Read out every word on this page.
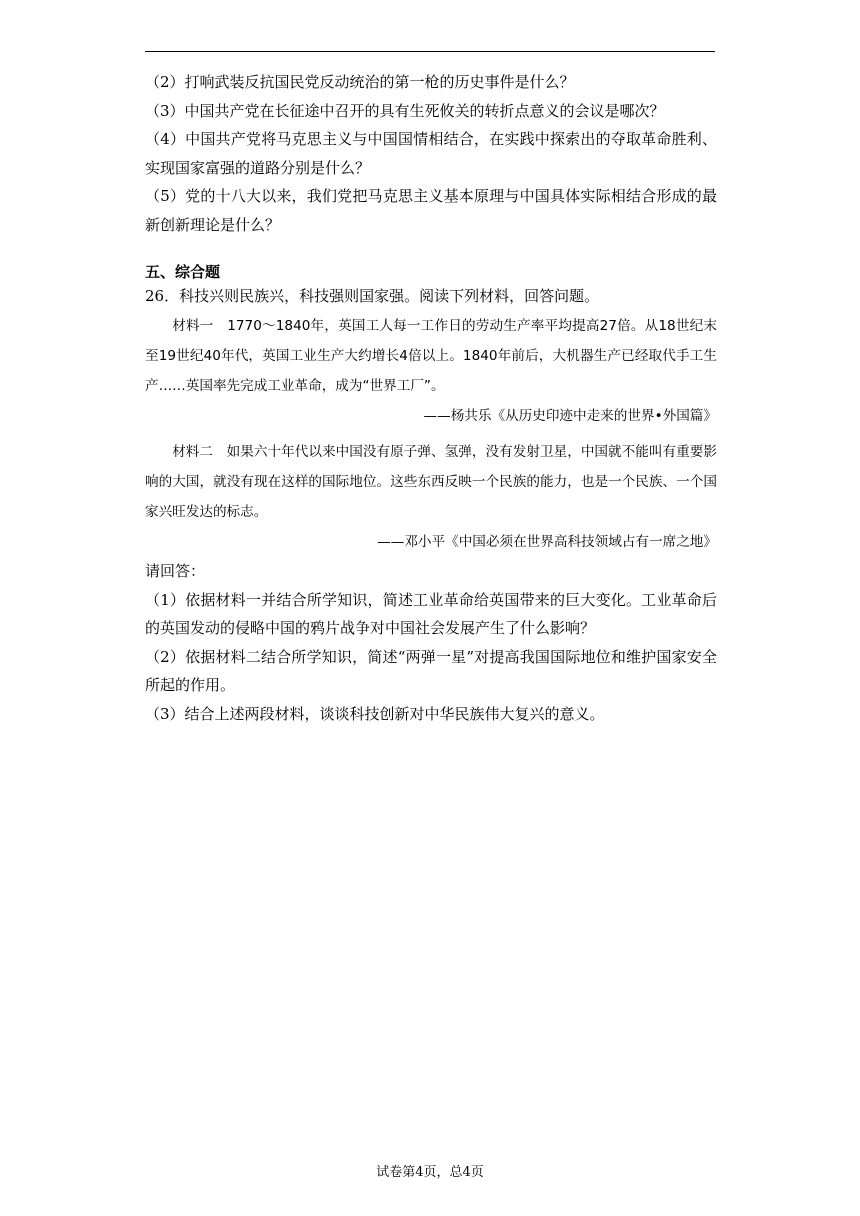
（2）打响武装反抗国民党反动统治的第一枪的历史事件是什么？

（3）中国共产党在长征途中召开的具有生死攸关的转折点意义的会议是哪次？

（4）中国共产党将马克思主义与中国国情相结合，在实践中探索出的夺取革命胜利、实现国家富强的道路分别是什么？

（5）党的十八大以来，我们党把马克思主义基本原理与中国具体实际相结合形成的最新创新理论是什么？

五、综合题

26．科技兴则民族兴，科技强则国家强。阅读下列材料，回答问题。

材料一　1770～1840年，英国工人每一工作日的劳动生产率平均提高27倍。从18世纪末至19世纪40年代，英国工业生产大约增长4倍以上。1840年前后，大机器生产已经取代手工生产……英国率先完成工业革命，成为“世界工厂”。

——杨共乐《从历史印迹中走来的世界•外国篇》

材料二　如果六十年代以来中国没有原子弹、氢弹，没有发射卫星，中国就不能叫有重要影响的大国，就没有现在这样的国际地位。这些东西反映一个民族的能力，也是一个民族、一个国家兴旺发达的标志。

——邓小平《中国必须在世界高科技领域占有一席之地》

请回答：

（1）依据材料一并结合所学知识，简述工业革命给英国带来的巨大变化。工业革命后的英国发动的侵略中国的鸦片战争对中国社会发展产生了什么影响？

（2）依据材料二结合所学知识，简述“两弹一星”对提高我国国际地位和维护国家安全所起的作用。

（3）结合上述两段材料，谈谈科技创新对中华民族伟大复兴的意义。

试卷第4页，总4页
